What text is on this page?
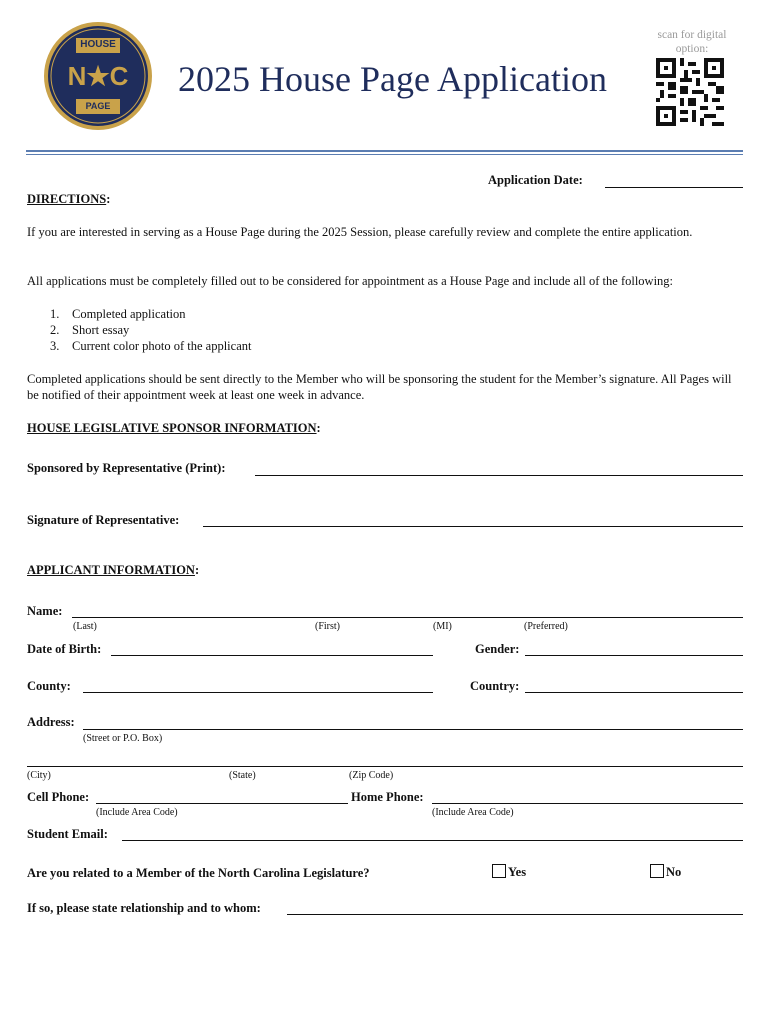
HOUSE
N★C
PAGE
2025 House Page Application
scan for digital option:
Application Date:
DIRECTIONS:
If you are interested in serving as a House Page during the 2025 Session, please carefully review and complete the entire application.
All applications must be completely filled out to be considered for appointment as a House Page and include all of the following:
1. Completed application
2. Short essay
3. Current color photo of the applicant
Completed applications should be sent directly to the Member who will be sponsoring the student for the Member’s signature. All Pages will be notified of their appointment week at least one week in advance.
HOUSE LEGISLATIVE SPONSOR INFORMATION:
Sponsored by Representative (Print):
Signature of Representative:
APPLICANT INFORMATION:
Name:
(Last)	(First)	(MI)	(Preferred)
Date of Birth:	Gender:
County:	Country:
Address:
(Street or P.O. Box)
(City)	(State)	(Zip Code)
Cell Phone:
(Include Area Code)
Home Phone:
(Include Area Code)
Student Email:
Are you related to a Member of the North Carolina Legislature?	Yes	No
If so, please state relationship and to whom:
